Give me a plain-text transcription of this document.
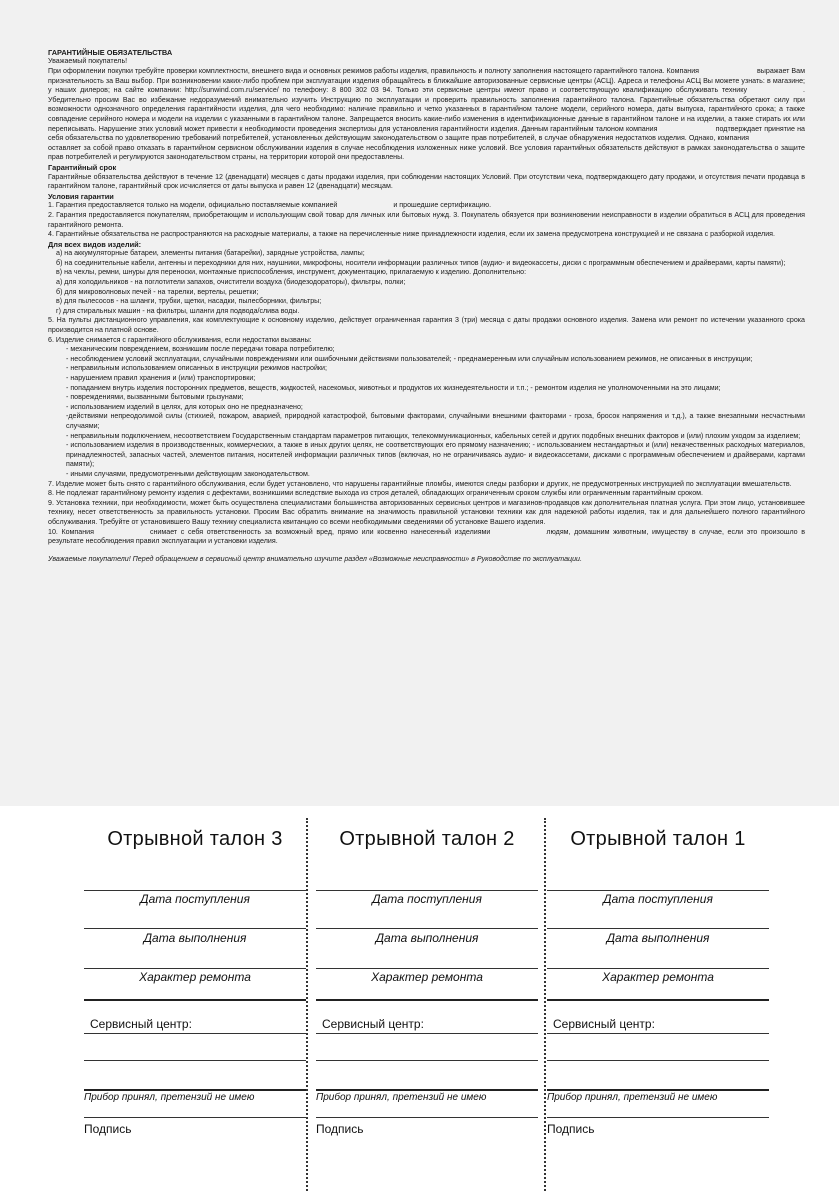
ГАРАНТИЙНЫЕ ОБЯЗАТЕЛЬСТВА
Уважаемый покупатель!

При оформлении покупки требуйте проверки комплектности, внешнего вида и основных режимов работы изделия, правильность и полноту заполнения настоящего гарантийного талона. Компания	выражает Вам признательность за Ваш выбор. При возникновении каких-либо проблем при эксплуатации изделия обращайтесь в ближайшие авторизованные сервисные центры (АСЦ). Адреса и телефоны АСЦ Вы можете узнать: в магазине; у наших дилеров; на сайте компании: http://sunwind.com.ru/service/ по телефону: 8 800 302 03 94. Только эти сервисные центры имеют право и соответствующую квалификацию обслуживать технику	. Убедительно просим Вас во избежание недоразумений внимательно изучить Инструкцию по эксплуатации и проверить правильность заполнения гарантийного талона. Гарантийные обязательства обретают силу при возможности однозначного определения гарантийности изделия, для чего необходимо: наличие правильно и четко указанных в гарантийном талоне модели, серийного номера, даты выпуска, гарантийного срока; а также совпадение серийного номера и модели на изделии с указанными в гарантийном талоне. Запрещается вносить какие-либо изменения в идентификационные данные в гарантийном талоне и на изделии, а также стирать их или переписывать. Нарушение этих условий может привести к необходимости проведения экспертизы для установления гарантийности изделия. Данным гарантийным талоном компания	подтверждает принятие на себя обязательства по удовлетворению требований потребителей, установленных действующим законодательством о защите прав потребителей, в случае обнаружения недостатков изделия. Однако, компания оставляет за собой право отказать в гарантийном сервисном обслуживании изделия в случае несоблюдения изложенных ниже условий. Все условия гарантийных обязательств действуют в рамках законодательства о защите прав потребителей и регулируются законодательством страны, на территории которой они предоставлены.

Гарантийный срок

Гарантийные обязательства действуют в течение 12 (двенадцати) месяцев с даты продажи изделия, при соблюдении настоящих Условий. При отсутствии чека, подтверждающего дату продажи, и отсутствия печати продавца в гарантийном талоне, гарантийный срок исчисляется от даты выпуска и равен 12 (двенадцати) месяцам.

Условия гарантии

1. Гарантия предоставляется только на модели, официально поставляемые компанией	и прошедшие сертификацию.

2. Гарантия предоставляется покупателям, приобретающим и использующим свой товар для личных или бытовых нужд. 3. Покупатель обязуется при возникновении неисправности в изделии обратиться в АСЦ для проведения гарантийного ремонта.

4. Гарантийные обязательства не распространяются на расходные материалы, а также на перечисленные ниже принадлежности изделия, если их замена предусмотрена конструкцией и не связана с разборкой изделия.

Для всех видов изделий:

а) на аккумуляторные батареи, элементы питания (батарейки), зарядные устройства, лампы;

б) на соединительные кабели, антенны и переходники для них, наушники, микрофоны, носители информации различных типов (аудио- и видеокассеты, диски с программным обеспечением и драйверами, карты памяти);

в) на чехлы, ремни, шнуры для переноски, монтажные приспособления, инструмент, документацию, прилагаемую к изделию. Дополнительно:

а) для холодильников - на поглотители запахов, очистители воздуха (биодезодораторы), фильтры, полки;

б) для микроволновых печей - на тарелки, вертелы, решетки;

в) для пылесосов - на шланги, трубки, щетки, насадки, пылесборники, фильтры;

г) для стиральных машин - на фильтры, шланги для подвода/слива воды.

5. На пульты дистанционного управления, как комплектующие к основному изделию, действует ограниченная гарантия 3 (три) месяца с даты продажи основного изделия. Замена или ремонт по истечении указанного срока производится на платной основе.

6. Изделие снимается с гарантийного обслуживания, если недостатки вызваны:

- механическим повреждением, возникшим после передачи товара потребителю;

- несоблюдением условий эксплуатации, случайными повреждениями или ошибочными действиями пользователей; - преднамеренным или случайным использованием режимов, не описанных в инструкции;

- неправильным использованием описанных в инструкции режимов настройки;

- нарушением правил хранения и (или) транспортировки;

- попаданием внутрь изделия посторонних предметов, веществ, жидкостей, насекомых, животных и продуктов их жизнедеятельности и т.п.; - ремонтом изделия не уполномоченными на это лицами;

- повреждениями, вызванными бытовыми грызунами;

- использованием изделий в целях, для которых оно не предназначено;

-действиями непреодолимой силы (стихией, пожаром, аварией, природной катастрофой, бытовыми факторами, случайными внешними факторами - гроза, бросок напряжения и т.д.), а также внезапными несчастными случаями;

- неправильным подключением, несоответствием Государственным стандартам параметров питающих, телекоммуникационных, кабельных сетей и других подобных внешних факторов и (или) плохим уходом за изделием;

- использованием изделия в производственных, коммерческих, а также в иных других целях, не соответствующих его прямому назначению; - использованием нестандартных и (или) некачественных расходных материалов, принадлежностей, запасных частей, элементов питания, носителей информации различных типов (включая, но не ограничиваясь аудио- и видеокассетами, дисками с программным обеспечением и драйверами, картами памяти);

- иными случаями, предусмотренными действующим законодательством.

7. Изделие может быть снято с гарантийного обслуживания, если будет установлено, что нарушены гарантийные пломбы, имеются следы разборки и других, не предусмотренных инструкцией по эксплуатации вмешательств.

8. Не подлежат гарантийному ремонту изделия с дефектами, возникшими вследствие выхода из строя деталей, обладающих ограниченным сроком службы или ограниченным гарантийным сроком.

9. Установка техники, при необходимости, может быть осуществлена специалистами большинства авторизованных сервисных центров и магазинов-продавцов как дополнительная платная услуга. При этом лицо, установившее технику, несет ответственность за правильность установки. Просим Вас обратить внимание на значимость правильной установки техники как для надежной работы изделия, так и для дальнейшего полного гарантийного обслуживания. Требуйте от установившего Вашу технику специалиста квитанцию со всеми необходимыми сведениями об установке Вашего изделия.

10. Компания	снимает с себя ответственность за возможный вред, прямо или косвенно нанесенный изделиями	людям, домашним животным, имуществу в случае, если это произошло в результате несоблюдения правил эксплуатации и установки изделия.

Уважаемые покупатели! Перед обращением в сервисный центр внимательно изучите раздел «Возможные неисправности» в Руководстве по эксплуатации.
Отрывной талон 3
Дата поступления
Дата выполнения
Характер ремонта
Сервисный центр:
Прибор принял, претензий не имею
Подпись
Отрывной талон 2
Дата поступления
Дата выполнения
Характер ремонта
Сервисный центр:
Прибор принял, претензий не имею
Подпись
Отрывной талон 1
Дата поступления
Дата выполнения
Характер ремонта
Сервисный центр:
Прибор принял, претензий не имею
Подпись
